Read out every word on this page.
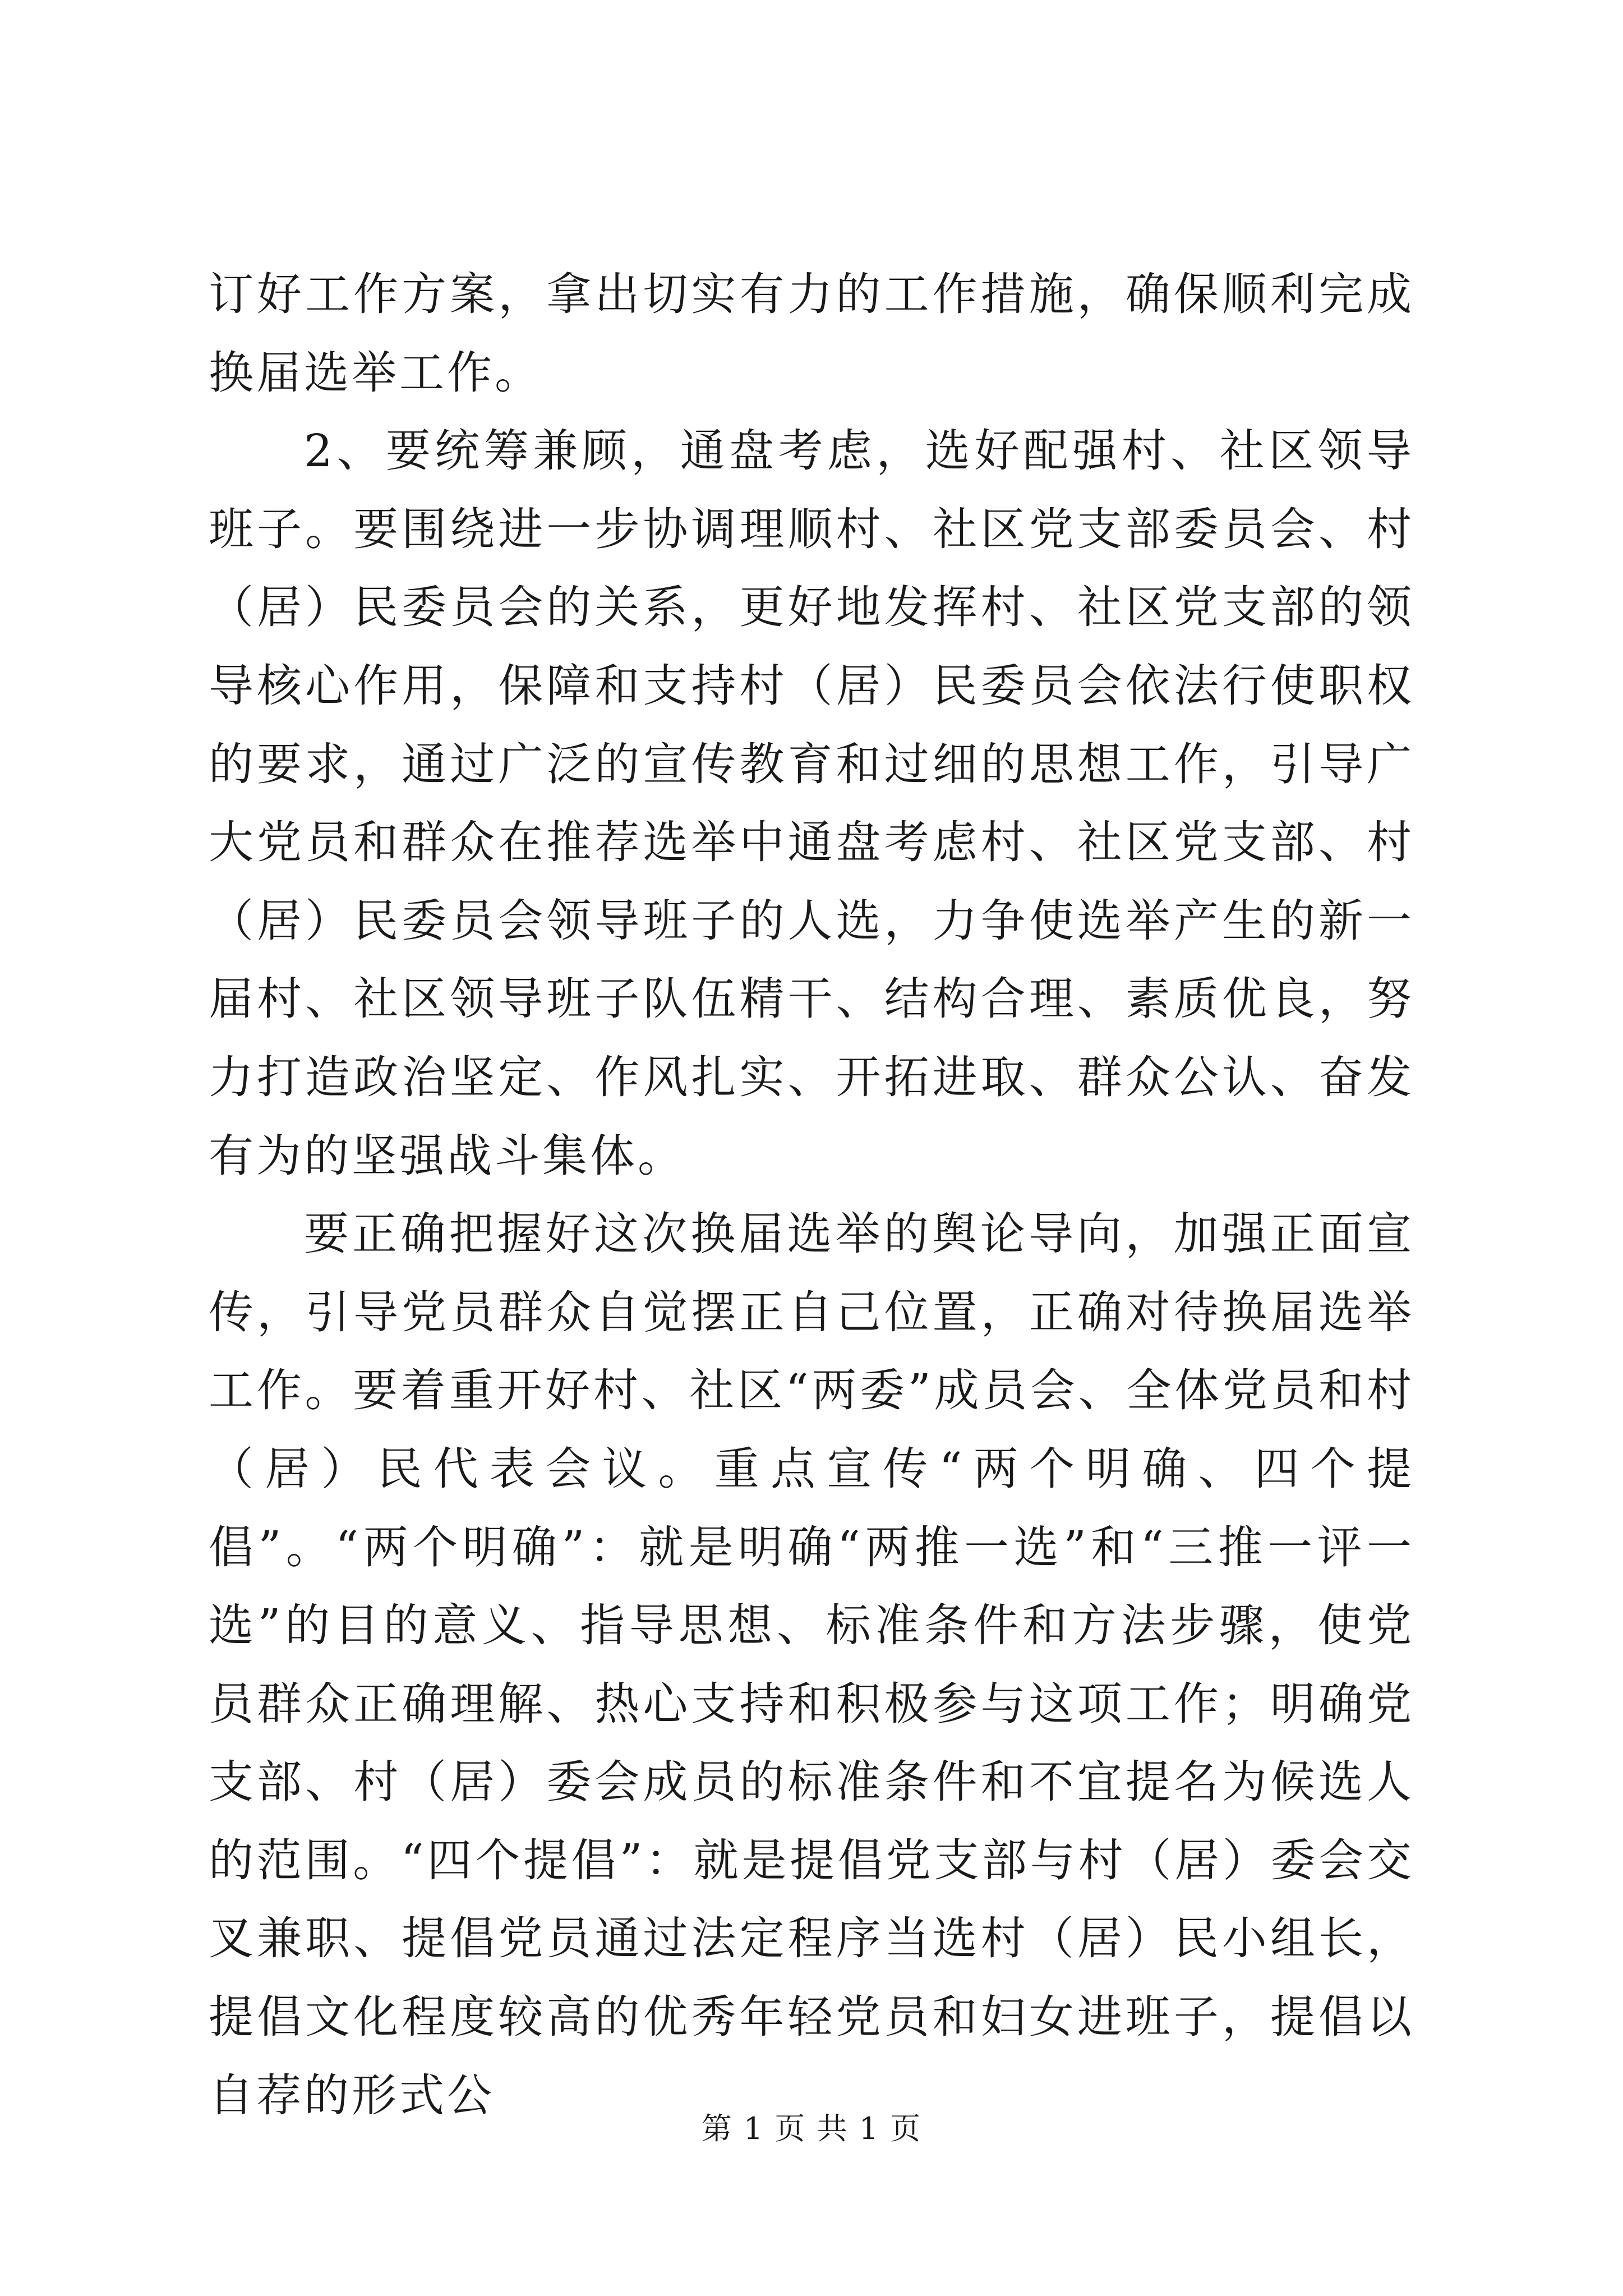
订好工作方案，拿出切实有力的工作措施，确保顺利完成换届选举工作。

2、要统筹兼顾，通盘考虑，选好配强村、社区领导班子。要围绕进一步协调理顺村、社区党支部委员会、村（居）民委员会的关系，更好地发挥村、社区党支部的领导核心作用，保障和支持村（居）民委员会依法行使职权的要求，通过广泛的宣传教育和过细的思想工作，引导广大党员和群众在推荐选举中通盘考虑村、社区党支部、村（居）民委员会领导班子的人选，力争使选举产生的新一届村、社区领导班子队伍精干、结构合理、素质优良，努力打造政治坚定、作风扎实、开拓进取、群众公认、奋发有为的坚强战斗集体。

要正确把握好这次换届选举的舆论导向，加强正面宣传，引导党员群众自觉摆正自己位置，正确对待换届选举工作。要着重开好村、社区“两委”成员会、全体党员和村（居）民代表会议。重点宣传“两个明确、四个提倡”。“两个明确”：就是明确“两推一选”和“三推一评一选”的目的意义、指导思想、标准条件和方法步骤，使党员群众正确理解、热心支持和积极参与这项工作；明确党支部、村（居）委会成员的标准条件和不宜提名为候选人的范围。“四个提倡”：就是提倡党支部与村（居）委会交叉兼职、提倡党员通过法定程序当选村（居）民小组长，提倡文化程度较高的优秀年轻党员和妇女进班子，提倡以自荐的形式公

第 1 页 共 1 页
